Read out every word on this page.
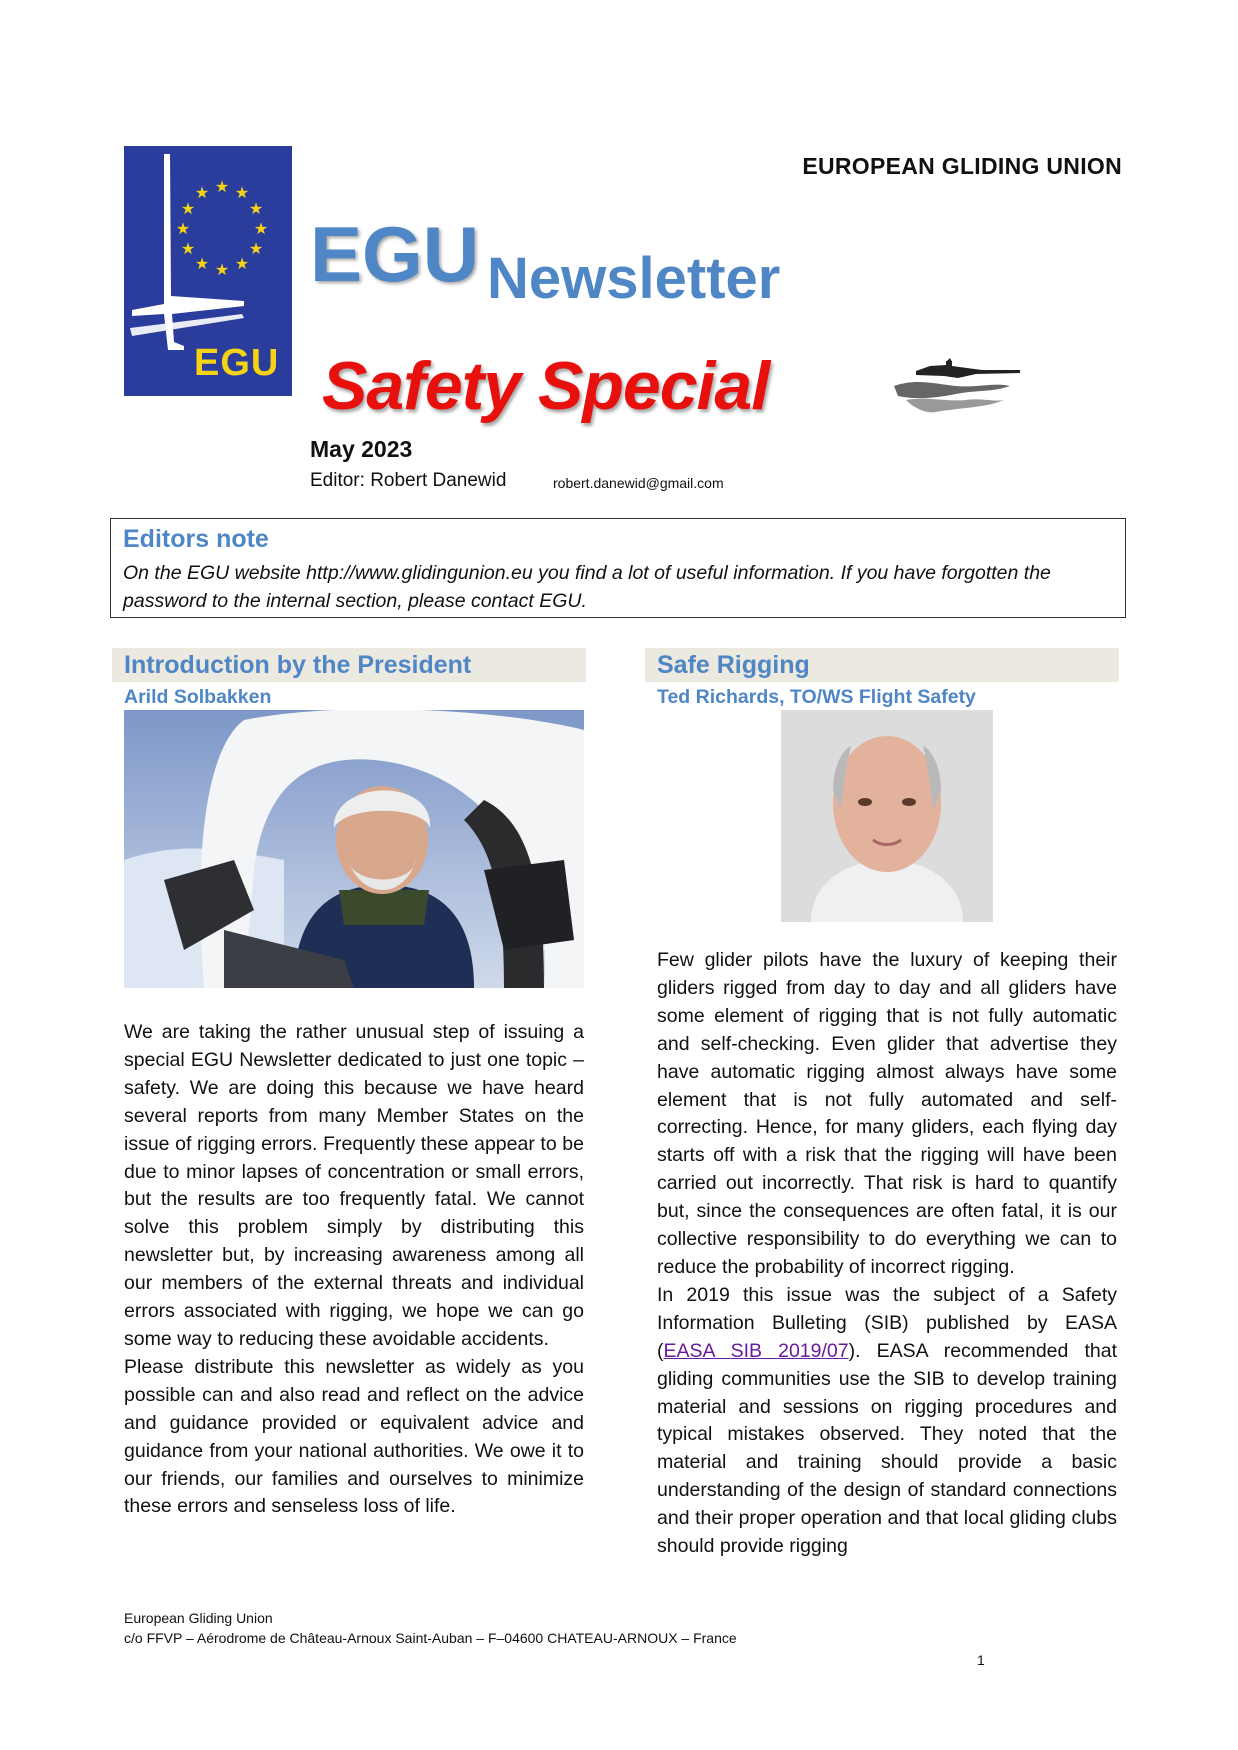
★ ★
★
★
★
★
★
★
★
★
★
★
EGU
EUROPEAN GLIDING UNION
EGU Newsletter
Safety Special
May 2023
Editor: Robert Danewid	robert.danewid@gmail.com
Editors note
On the EGU website http://www.glidingunion.eu you find a lot of useful information. If you have forgotten the password to the internal section, please contact EGU.
Introduction by the President
Arild Solbakken

We are taking the rather unusual step of issuing a special EGU Newsletter dedicated to just one topic – safety. We are doing this because we have heard several reports from many Member States on the issue of rigging errors. Frequently these appear to be due to minor lapses of concentration or small errors, but the results are too frequently fatal. We cannot solve this problem simply by distributing this newsletter but, by increasing awareness among all our members of the external threats and individual errors associated with rigging, we hope we can go some way to reducing these avoidable accidents.

Please distribute this newsletter as widely as you possible can and also read and reflect on the advice and guidance provided or equivalent advice and guidance from your national authorities. We owe it to our friends, our families and ourselves to minimize these errors and senseless loss of life.

Safe Rigging
Ted Richards, TO/WS Flight Safety

Few glider pilots have the luxury of keeping their gliders rigged from day to day and all gliders have some element of rigging that is not fully automatic and self-checking. Even glider that advertise they have automatic rigging almost always have some element that is not fully automated and self-correcting. Hence, for many gliders, each flying day starts off with a risk that the rigging will have been carried out incorrectly. That risk is hard to quantify but, since the consequences are often fatal, it is our collective responsibility to do everything we can to reduce the probability of incorrect rigging.

In 2019 this issue was the subject of a Safety Information Bulleting (SIB) published by EASA (EASA SIB 2019/07). EASA recommended that gliding communities use the SIB to develop training material and sessions on rigging procedures and typical mistakes observed. They noted that the material and training should provide a basic understanding of the design of standard connections and their proper operation and that local gliding clubs should provide rigging

European Gliding Union
c/o FFVP – Aérodrome de Château-Arnoux Saint-Auban – F–04600 CHATEAU-ARNOUX – France
1
